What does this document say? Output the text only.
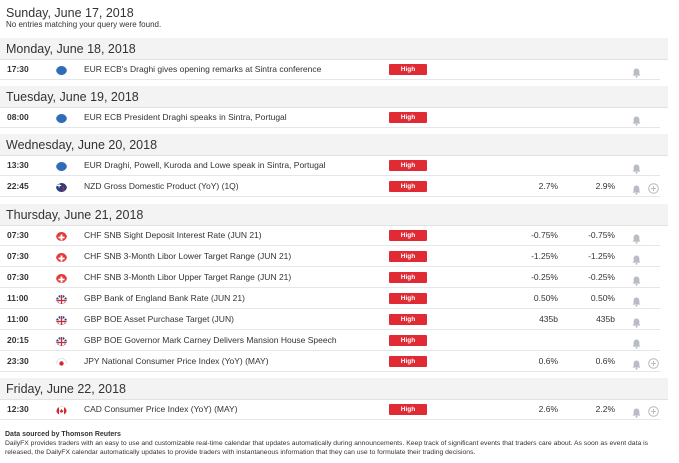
Sunday, June 17, 2018
No entries matching your query were found.
Monday, June 18, 2018
17:30	EUR ECB's Draghi gives opening remarks at Sintra conference	High
Tuesday, June 19, 2018
08:00	EUR ECB President Draghi speaks in Sintra, Portugal	High
Wednesday, June 20, 2018
13:30	EUR Draghi, Powell, Kuroda and Lowe speak in Sintra, Portugal	High
22:45	NZD Gross Domestic Product (YoY) (1Q)	High	2.7%	2.9%
Thursday, June 21, 2018
07:30	CHF SNB Sight Deposit Interest Rate (JUN 21)	High	-0.75%	-0.75%
07:30	CHF SNB 3-Month Libor Lower Target Range (JUN 21)	High	-1.25%	-1.25%
07:30	CHF SNB 3-Month Libor Upper Target Range (JUN 21)	High	-0.25%	-0.25%
11:00	GBP Bank of England Bank Rate (JUN 21)	High	0.50%	0.50%
11:00	GBP BOE Asset Purchase Target (JUN)	High	435b	435b
20:15	GBP BOE Governor Mark Carney Delivers Mansion House Speech	High
23:30	JPY National Consumer Price Index (YoY) (MAY)	High	0.6%	0.6%
Friday, June 22, 2018
12:30	CAD Consumer Price Index (YoY) (MAY)	High	2.6%	2.2%
Data sourced by Thomson Reuters
DailyFX provides traders with an easy to use and customizable real-time calendar that updates automatically during announcements. Keep track of significant events that traders care about. As soon as event data is released, the DailyFX calendar automatically updates to provide traders with instantaneous information that they can use to formulate their trading decisions.
